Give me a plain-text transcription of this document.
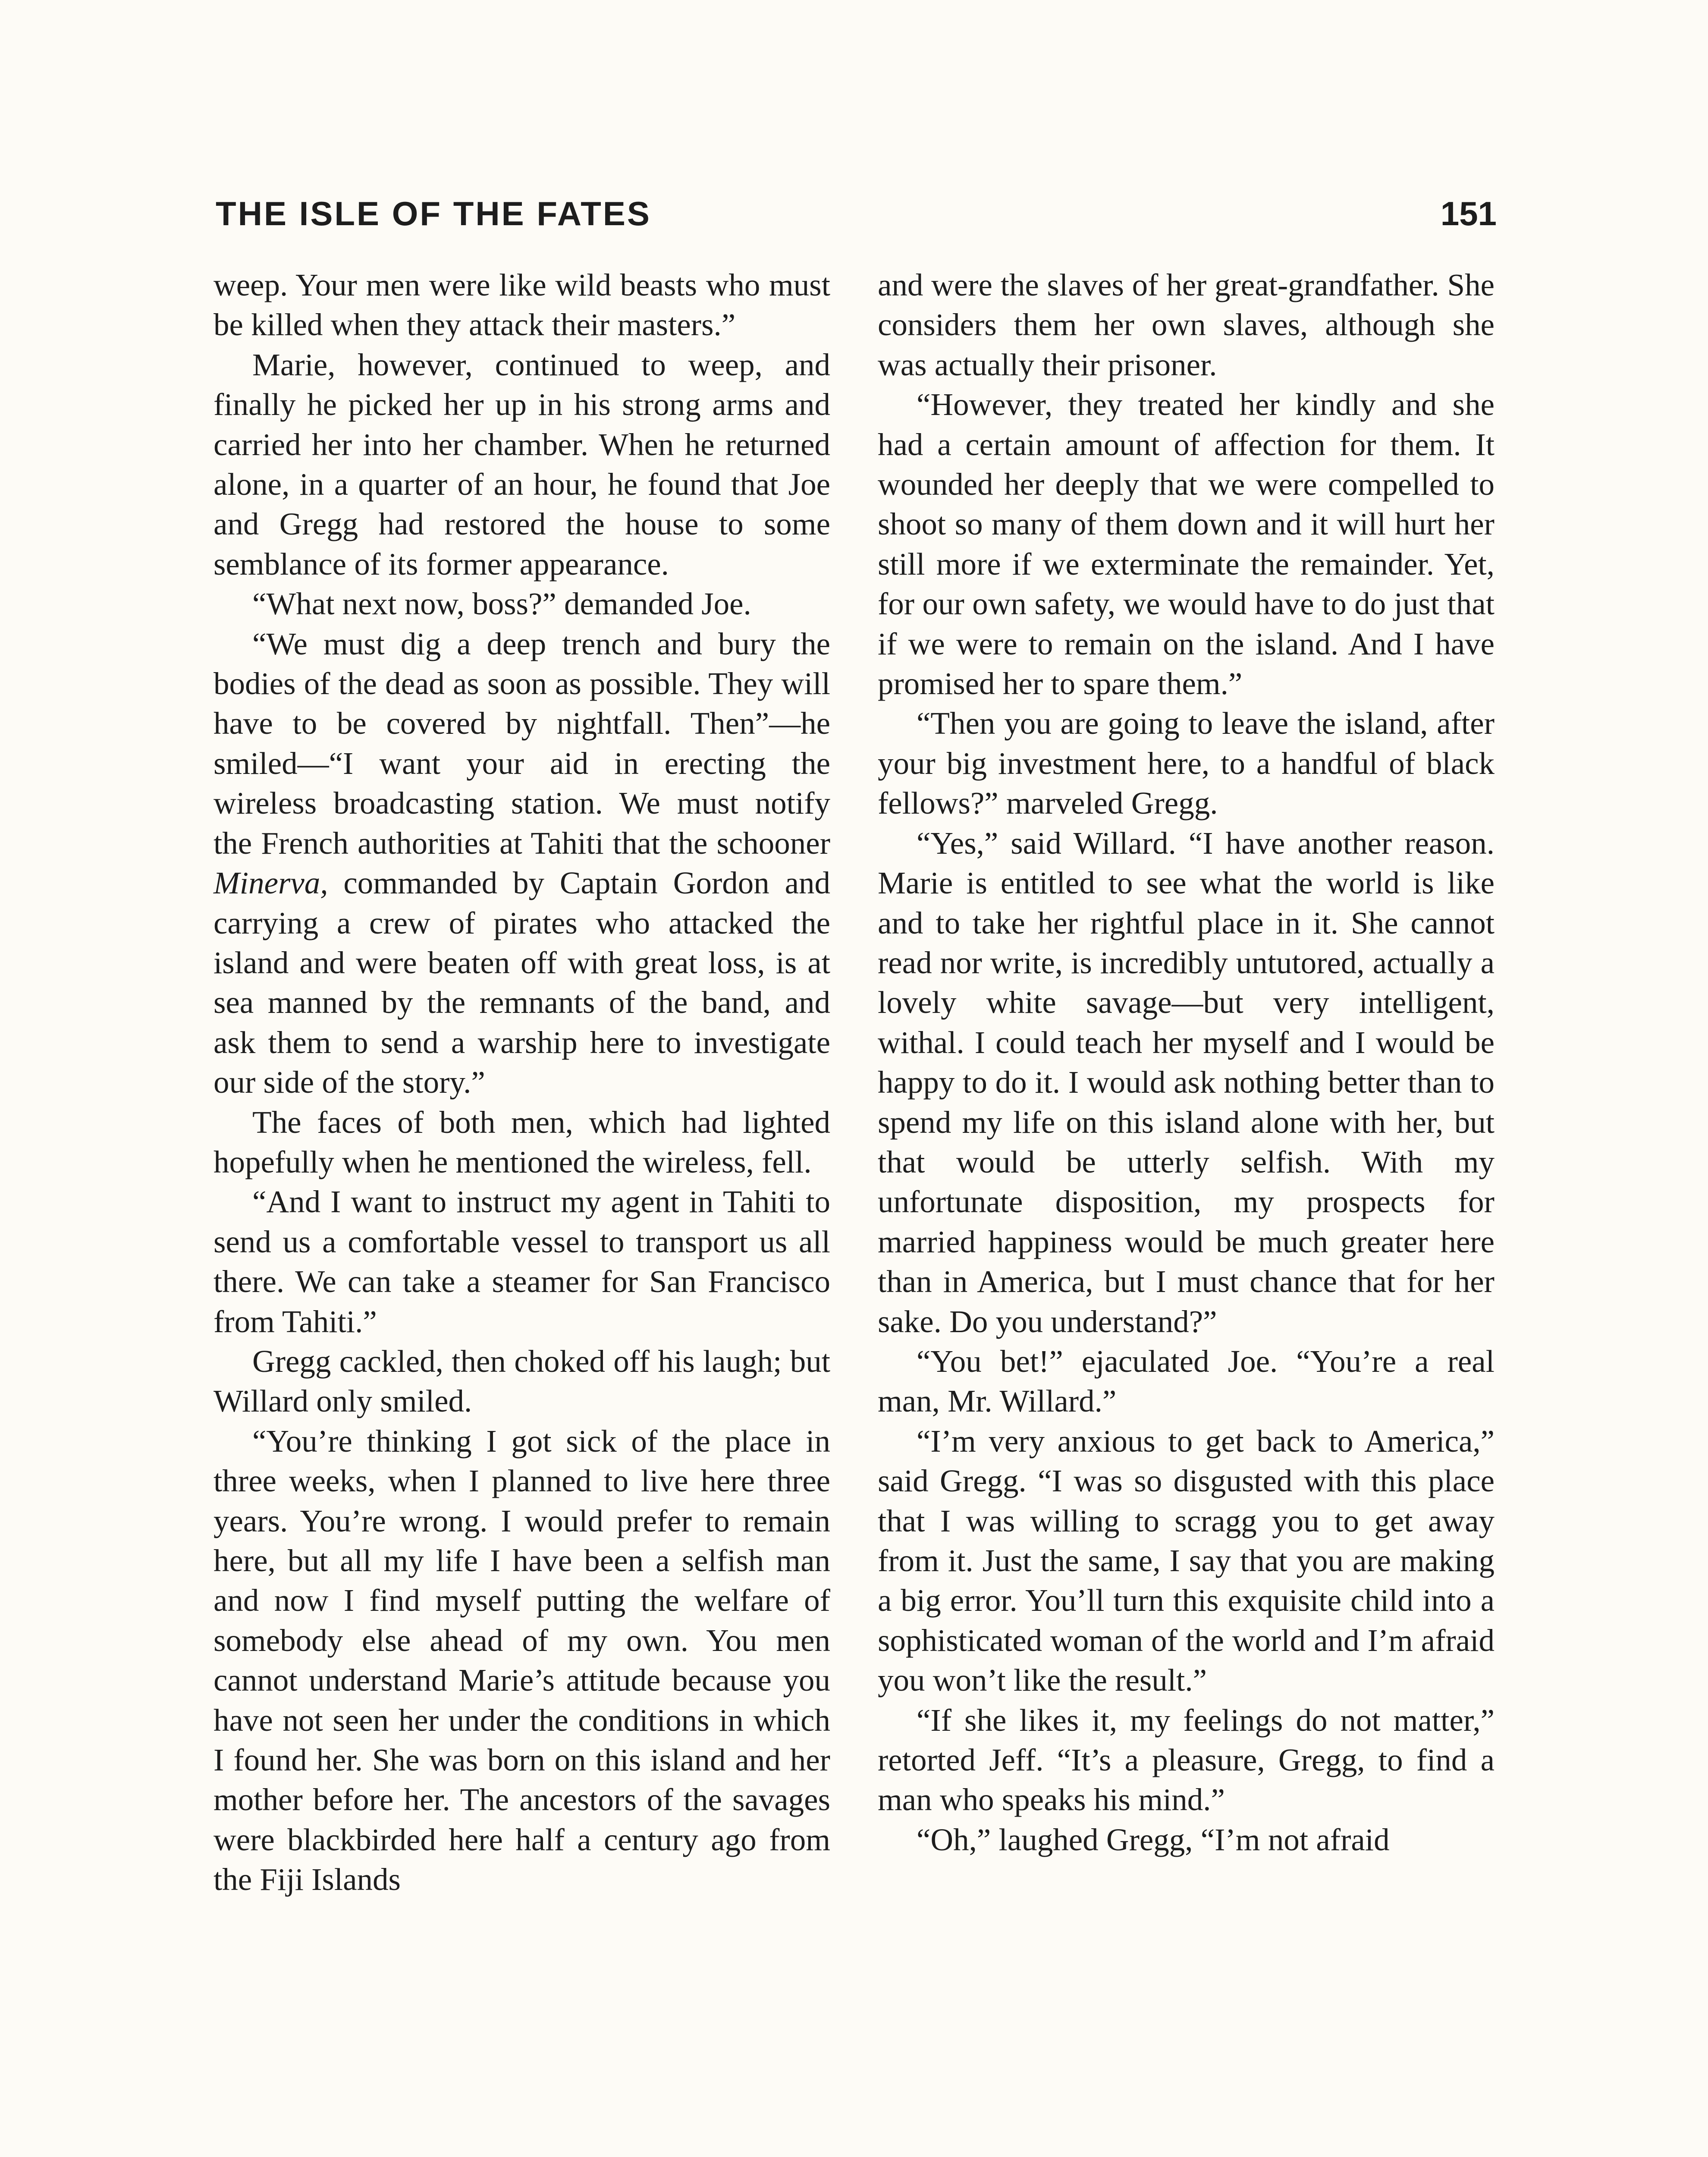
THE ISLE OF THE FATES	151

weep. Your men were like wild beasts who must be killed when they attack their masters.”

Marie, however, continued to weep, and finally he picked her up in his strong arms and carried her into her chamber. When he returned alone, in a quarter of an hour, he found that Joe and Gregg had restored the house to some semblance of its former appearance.

“What next now, boss?” demanded Joe.

“We must dig a deep trench and bury the bodies of the dead as soon as possible. They will have to be covered by nightfall. Then”—he smiled—“I want your aid in erecting the wireless broadcasting station. We must notify the French authorities at Tahiti that the schooner Minerva, commanded by Captain Gordon and carrying a crew of pirates who attacked the island and were beaten off with great loss, is at sea manned by the remnants of the band, and ask them to send a warship here to investigate our side of the story.”

The faces of both men, which had lighted hopefully when he mentioned the wireless, fell.

“And I want to instruct my agent in Tahiti to send us a comfortable vessel to transport us all there. We can take a steamer for San Francisco from Tahiti.”

Gregg cackled, then choked off his laugh; but Willard only smiled.

“You’re thinking I got sick of the place in three weeks, when I planned to live here three years. You’re wrong. I would prefer to remain here, but all my life I have been a selfish man and now I find myself putting the welfare of somebody else ahead of my own. You men cannot understand Marie’s attitude because you have not seen her under the conditions in which I found her. She was born on this island and her mother before her. The ancestors of the savages were blackbirded here half a century ago from the Fiji Islands

and were the slaves of her great-grandfather. She considers them her own slaves, although she was actually their prisoner.

“However, they treated her kindly and she had a certain amount of affection for them. It wounded her deeply that we were compelled to shoot so many of them down and it will hurt her still more if we exterminate the remainder. Yet, for our own safety, we would have to do just that if we were to remain on the island. And I have promised her to spare them.”

“Then you are going to leave the island, after your big investment here, to a handful of black fellows?” marveled Gregg.

“Yes,” said Willard. “I have another reason. Marie is entitled to see what the world is like and to take her rightful place in it. She cannot read nor write, is incredibly untutored, actually a lovely white savage—but very intelligent, withal. I could teach her myself and I would be happy to do it. I would ask nothing better than to spend my life on this island alone with her, but that would be utterly selfish. With my unfortunate disposition, my prospects for married happiness would be much greater here than in America, but I must chance that for her sake. Do you understand?”

“You bet!” ejaculated Joe. “You’re a real man, Mr. Willard.”

“I’m very anxious to get back to America,” said Gregg. “I was so disgusted with this place that I was willing to scragg you to get away from it. Just the same, I say that you are making a big error. You’ll turn this exquisite child into a sophisticated woman of the world and I’m afraid you won’t like the result.”

“If she likes it, my feelings do not matter,” retorted Jeff. “It’s a pleasure, Gregg, to find a man who speaks his mind.”

“Oh,” laughed Gregg, “I’m not afraid
